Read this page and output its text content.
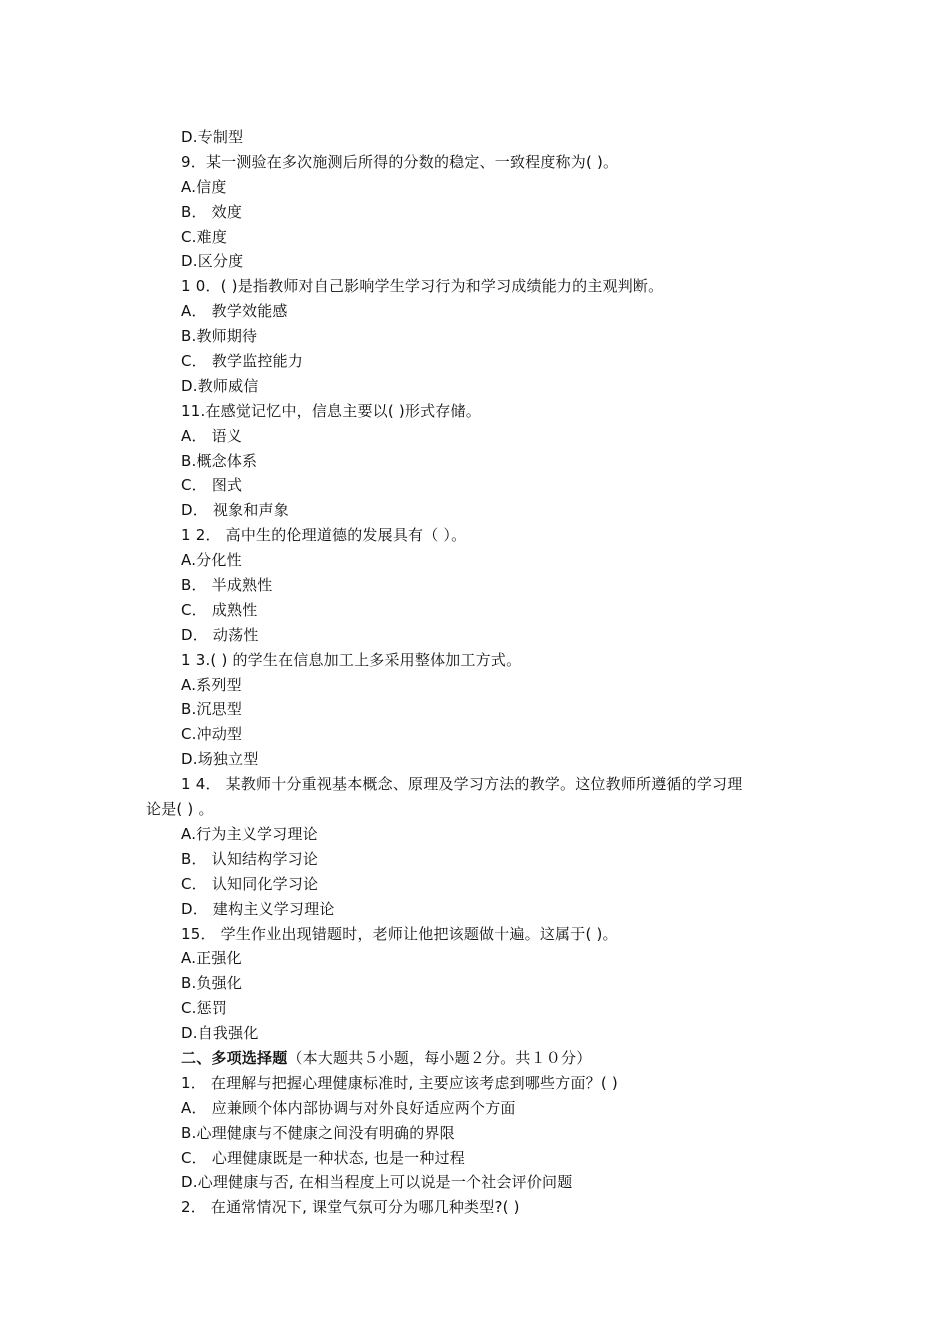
D.专制型
9．某一测验在多次施测后所得的分数的稳定、一致程度称为( )。
A.信度
B． 效度
C.难度
D.区分度
1 0．( )是指教师对自己影响学生学习行为和学习成绩能力的主观判断。
A． 教学效能感
B.教师期待
C． 教学监控能力
D.教师威信
11.在感觉记忆中，信息主要以( )形式存储。
A． 语义
B.概念体系
C． 图式
D． 视象和声象
1 2． 高中生的伦理道德的发展具有（ ）。
A.分化性
B． 半成熟性
C． 成熟性
D． 动荡性
1 3.( ) 的学生在信息加工上多采用整体加工方式。
A.系列型
B.沉思型
C.冲动型
D.场独立型
1 4． 某教师十分重视基本概念、原理及学习方法的教学。这位教师所遵循的学习理
论是( ) 。
A.行为主义学习理论
B． 认知结构学习论
C． 认知同化学习论
D． 建构主义学习理论
15． 学生作业出现错题时，老师让他把该题做十遍。这属于( )。
A.正强化
B.负强化
C.惩罚
D.自我强化
二、多项选择题（本大题共５小题，每小题２分。共１０分）
1． 在理解与把握心理健康标准时, 主要应该考虑到哪些方面？( )
A． 应兼顾个体内部协调与对外良好适应两个方面
B.心理健康与不健康之间没有明确的界限
C． 心理健康既是一种状态, 也是一种过程
D.心理健康与否, 在相当程度上可以说是一个社会评价问题
2． 在通常情况下, 课堂气氛可分为哪几种类型?( )
